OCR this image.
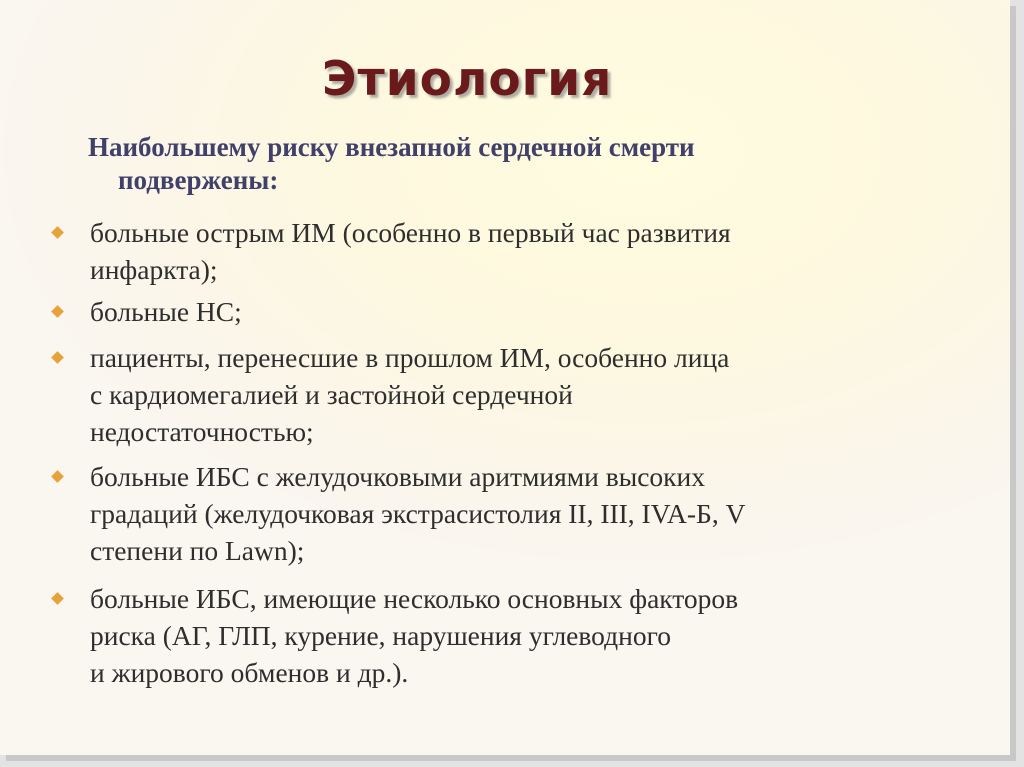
Этиология

Наибольшему риску внезапной сердечной смерти
подвержены:

больные острым ИМ (особенно в первый час развития
инфаркта);

больные НС;

пациенты, перенесшие в прошлом ИМ, особенно лица
с кардиомегалией и застойной сердечной
недостаточностью;

больные ИБС с желудочковыми аритмиями высоких
градаций (желудочковая экстрасистолия II, III, IVA-Б, V
степени по Lawn);

больные ИБС, имеющие несколько основных факторов
риска (АГ, ГЛП, курение, нарушения углеводного
и жирового обменов и др.).
